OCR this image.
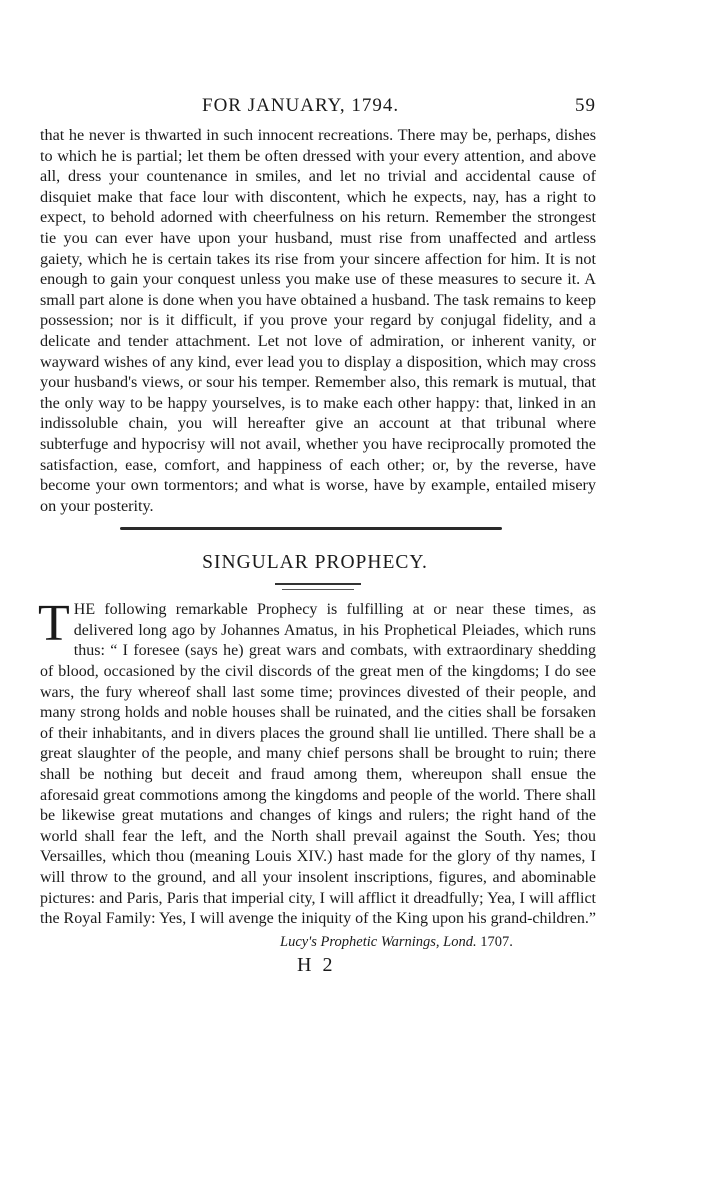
FOR JANUARY, 1794.	59

that he never is thwarted in such innocent recreations. There may be, perhaps, dishes to which he is partial; let them be often dressed with your every attention, and above all, dress your countenance in smiles, and let no trivial and accidental cause of disquiet make that face lour with discontent, which he expects, nay, has a right to expect, to behold adorned with cheerfulness on his return. Remember the strongest tie you can ever have upon your husband, must rise from unaffected and artless gaiety, which he is certain takes its rise from your sincere affection for him. It is not enough to gain your conquest unless you make use of these measures to secure it. A small part alone is done when you have obtained a husband. The task remains to keep possession; nor is it difficult, if you prove your regard by conjugal fidelity, and a delicate and tender attachment. Let not love of admiration, or inherent vanity, or wayward wishes of any kind, ever lead you to display a disposition, which may cross your husband's views, or sour his temper. Remember also, this remark is mutual, that the only way to be happy yourselves, is to make each other happy: that, linked in an indissoluble chain, you will hereafter give an account at that tribunal where subterfuge and hypocrisy will not avail, whether you have reciprocally promoted the satisfaction, ease, comfort, and happiness of each other; or, by the reverse, have become your own tormentors; and what is worse, have by example, entailed misery on your posterity.

SINGULAR PROPHECY.
T HE following remarkable Prophecy is fulfilling at or near these times, as delivered long ago by Johannes Amatus, in his Prophetical Pleiades, which runs thus: “ I foresee (says he) great wars and combats, with extraordinary shedding of blood, occasioned by the civil discords of the great men of the kingdoms; I do see wars, the fury whereof shall last some time; provinces divested of their people, and many strong holds and noble houses shall be ruinated, and the cities shall be forsaken of their inhabitants, and in divers places the ground shall lie untilled. There shall be a great slaughter of the people, and many chief persons shall be brought to ruin; there shall be nothing but deceit and fraud among them, whereupon shall ensue the aforesaid great commotions among the kingdoms and people of the world. There shall be likewise great mutations and changes of kings and rulers; the right hand of the world shall fear the left, and the North shall prevail against the South. Yes; thou Versailles, which thou (meaning Louis XIV.) hast made for the glory of thy names, I will throw to the ground, and all your insolent inscriptions, figures, and abominable pictures: and Paris, Paris that imperial city, I will afflict it dreadfully; Yea, I will afflict the Royal Family: Yes, I will avenge the iniquity of the King upon his grand-children.”
Lucy's Prophetic Warnings, Lond. 1707.
H 2
